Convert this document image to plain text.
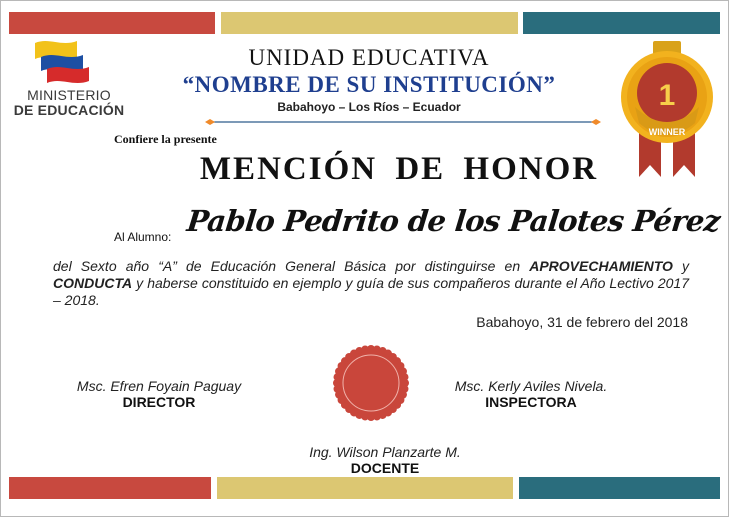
MINISTERIO
DE EDUCACIÓN
UNIDAD EDUCATIVA
“NOMBRE DE SU INSTITUCIÓN”
Babahoyo – Los Ríos – Ecuador	1
WINNER
Confiere la presente
MENCIÓN DE HONOR
Al Alumno: Pablo Pedrito de los Palotes Pérez
del Sexto año “A” de Educación General Básica por distinguirse en APROVECHAMIENTO y CONDUCTA y haberse constituido en ejemplo y guía de sus compañeros durante el Año Lectivo 2017 – 2018.
Babahoyo, 31 de febrero del 2018
Msc. Efren Foyain Paguay
DIRECTOR
Msc. Kerly Aviles Nivela.
INSPECTORA
Ing. Wilson Planzarte M.
DOCENTE
